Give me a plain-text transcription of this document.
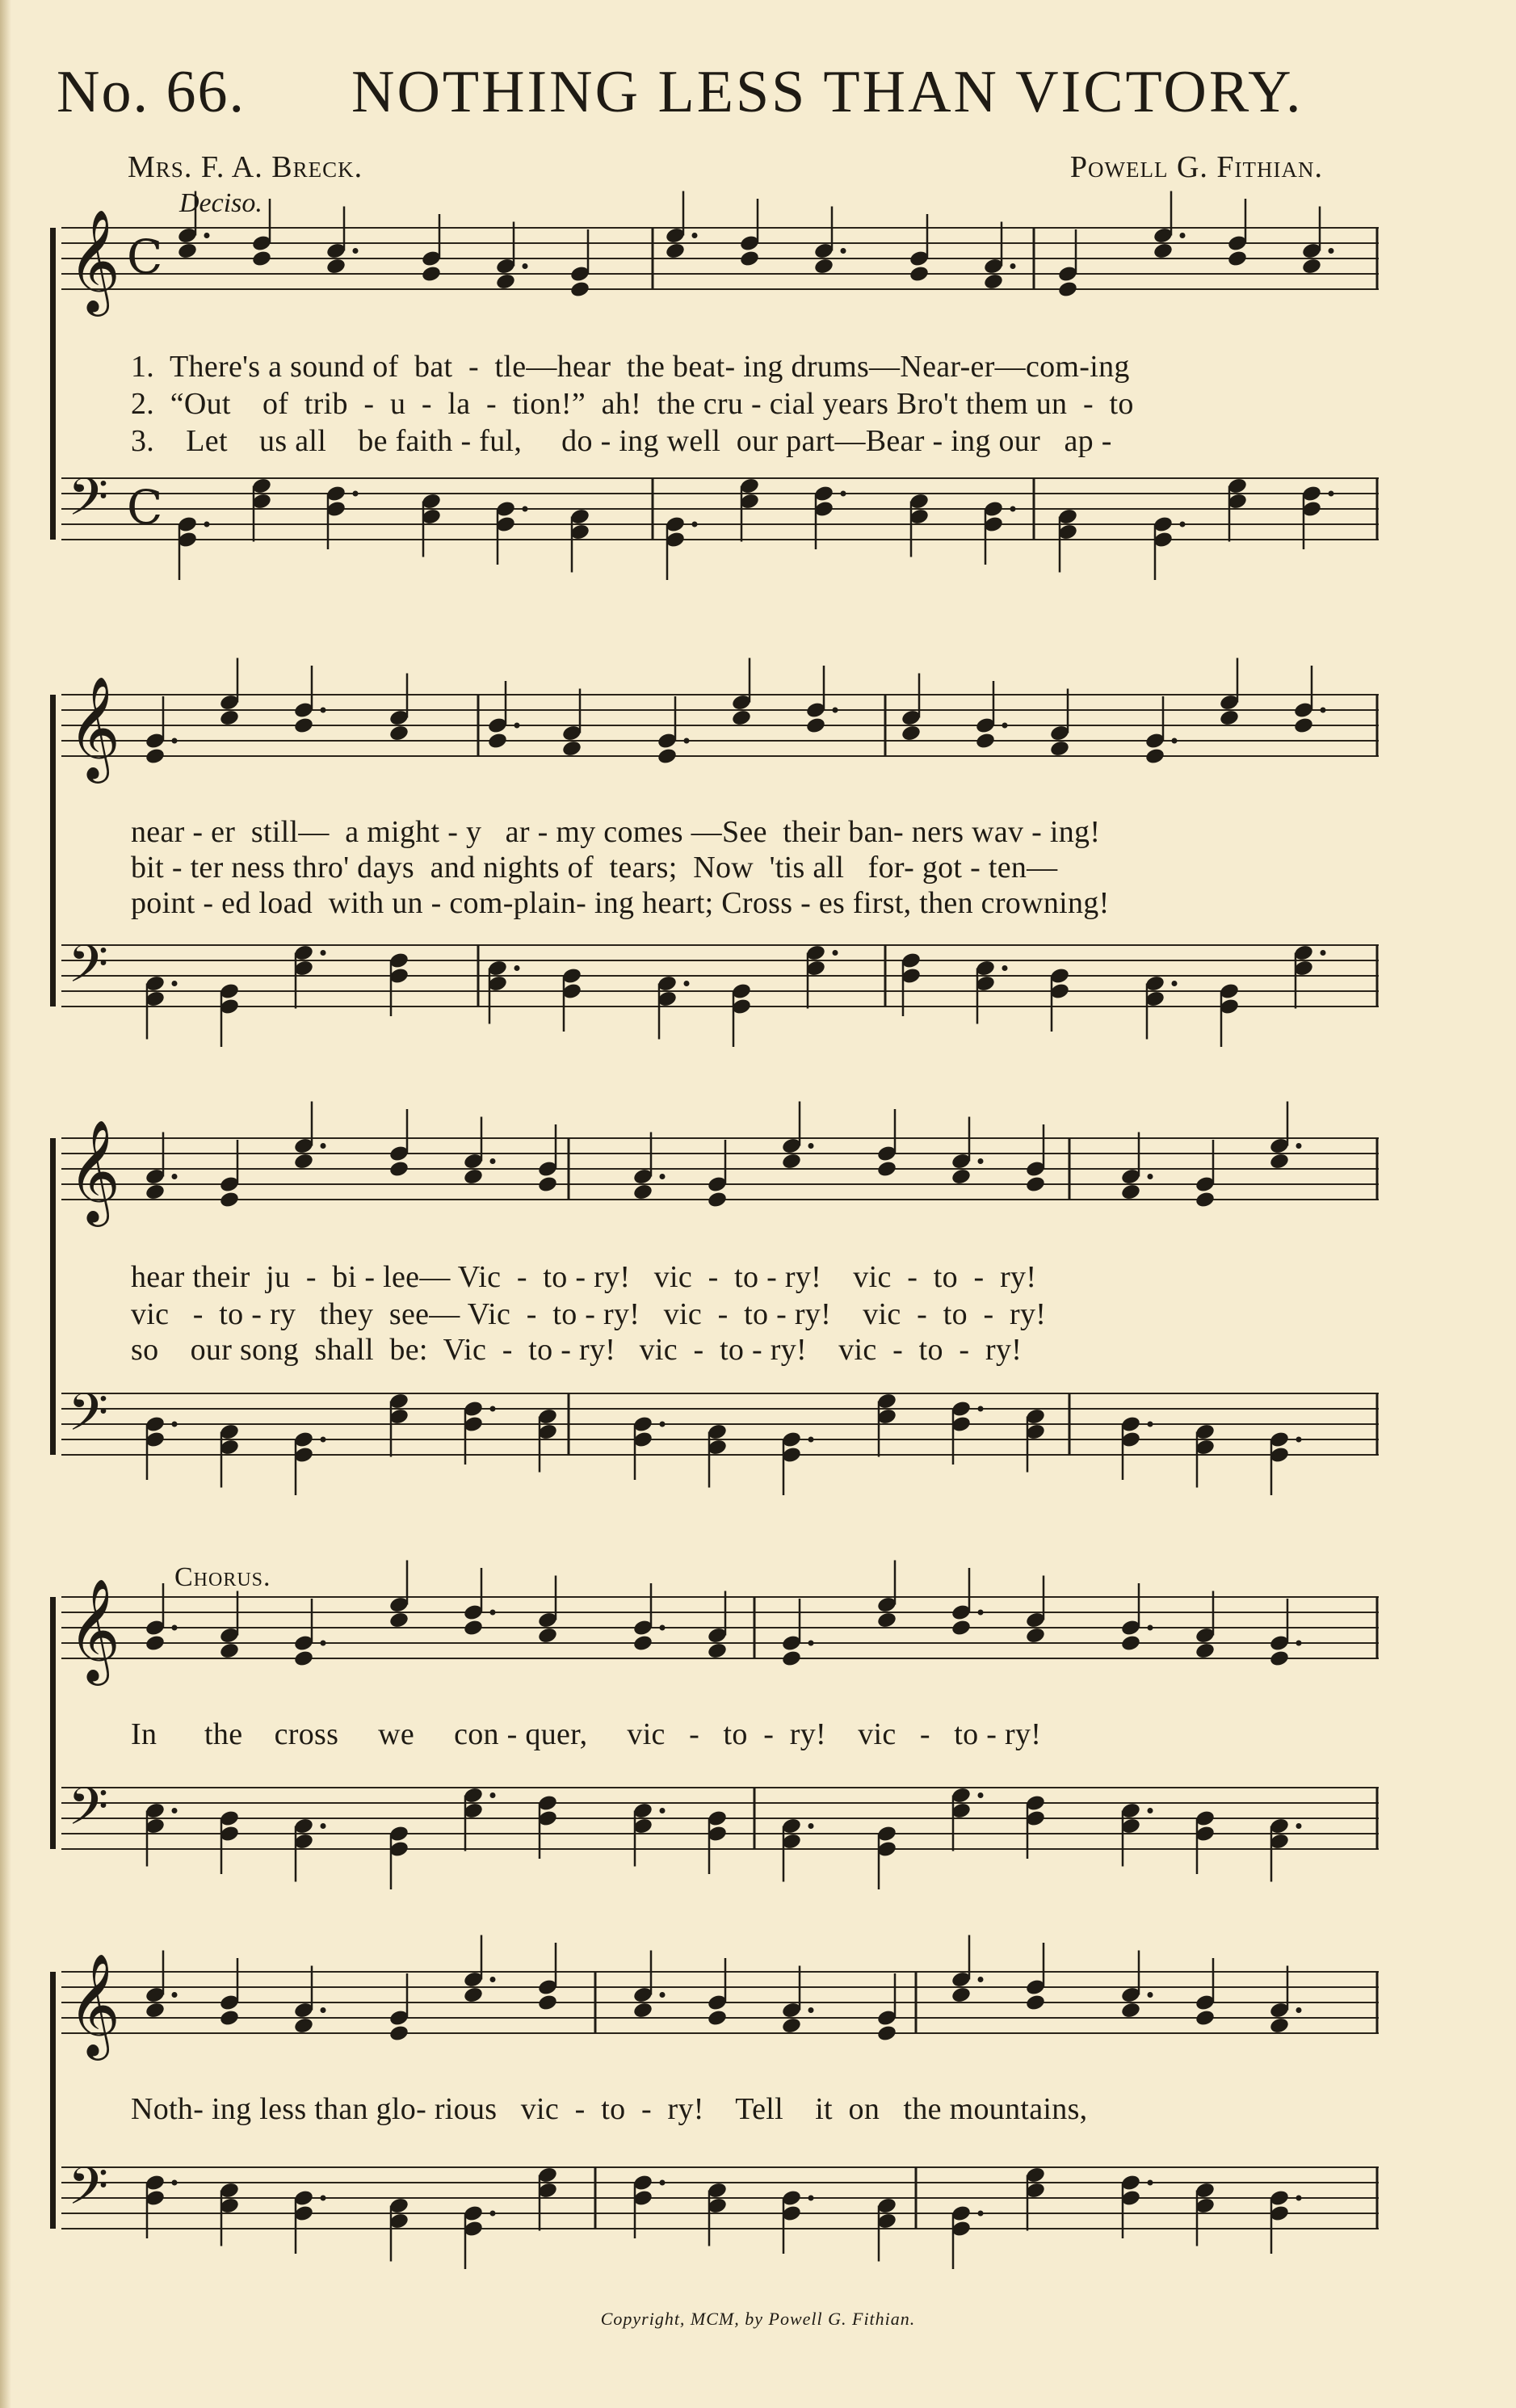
No. 66. NOTHING LESS THAN VICTORY.
Mrs. F. A. Breck.	Powell G. Fithian.
Deciso.
𝄞 C
𝄢 C
1.  There's a sound of  bat  -  tle—hear  the beat- ing drums—Near-er—com-ing
2.  “Out    of  trib  -  u  -  la  -  tion!”  ah!  the cru - cial years Bro't them un  -  to
3.    Let    us all    be faith - ful,     do - ing well  our part—Bear - ing our   ap -
𝄞
𝄢
near - er  still—  a might - y   ar - my comes —See  their ban- ners wav - ing!
bit - ter ness thro' days  and nights of  tears;  Now  'tis all   for- got - ten—
point - ed load  with un - com-plain- ing heart; Cross - es first, then crowning!
𝄞
𝄢
hear their  ju  -  bi - lee— Vic  -  to - ry!   vic  -  to - ry!    vic  -  to  -  ry!
vic   -  to - ry   they  see— Vic  -  to - ry!   vic  -  to - ry!    vic  -  to  -  ry!
so    our song  shall  be:  Vic  -  to - ry!   vic  -  to - ry!    vic  -  to  -  ry!
Chorus.
𝄞
𝄢
In      the    cross     we     con - quer,     vic   -   to  -  ry!    vic   -   to - ry!
𝄞
𝄢
Noth- ing less than glo- rious   vic  -  to  -  ry!    Tell    it  on   the mountains,
Copyright, MCM, by Powell G. Fithian.
